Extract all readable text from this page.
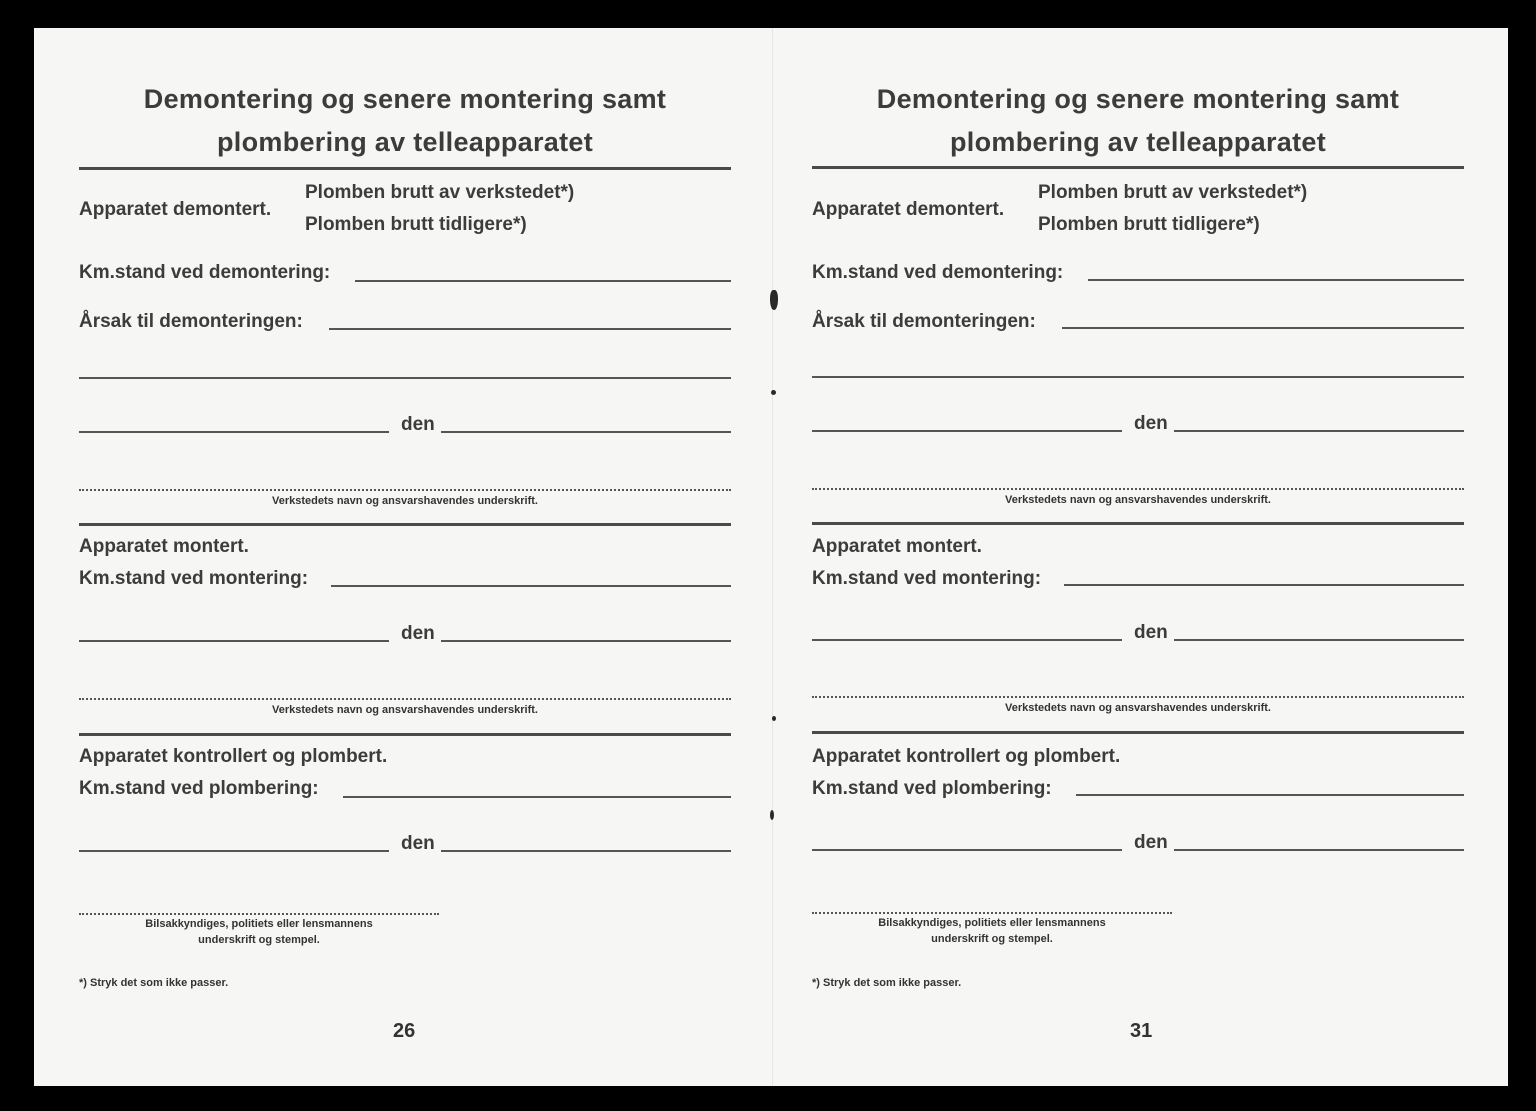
Demontering og senere montering samt
plombering av telleapparatet
Apparatet demontert.
Plomben brutt av verkstedet*)
Plomben brutt tidligere*)
Km.stand ved demontering:
Årsak til demonteringen:
den
Verkstedets navn og ansvarshavendes underskrift.
Apparatet montert.
Km.stand ved montering:
den
Verkstedets navn og ansvarshavendes underskrift.
Apparatet kontrollert og plombert.
Km.stand ved plombering:
den
Bilsakkyndiges, politiets eller lensmannens
underskrift og stempel.
*) Stryk det som ikke passer.
26
Demontering og senere montering samt
plombering av telleapparatet
Apparatet demontert.
Plomben brutt av verkstedet*)
Plomben brutt tidligere*)
Km.stand ved demontering:
Årsak til demonteringen:
den
Verkstedets navn og ansvarshavendes underskrift.
Apparatet montert.
Km.stand ved montering:
den
Verkstedets navn og ansvarshavendes underskrift.
Apparatet kontrollert og plombert.
Km.stand ved plombering:
den
Bilsakkyndiges, politiets eller lensmannens
underskrift og stempel.
*) Stryk det som ikke passer.
31
